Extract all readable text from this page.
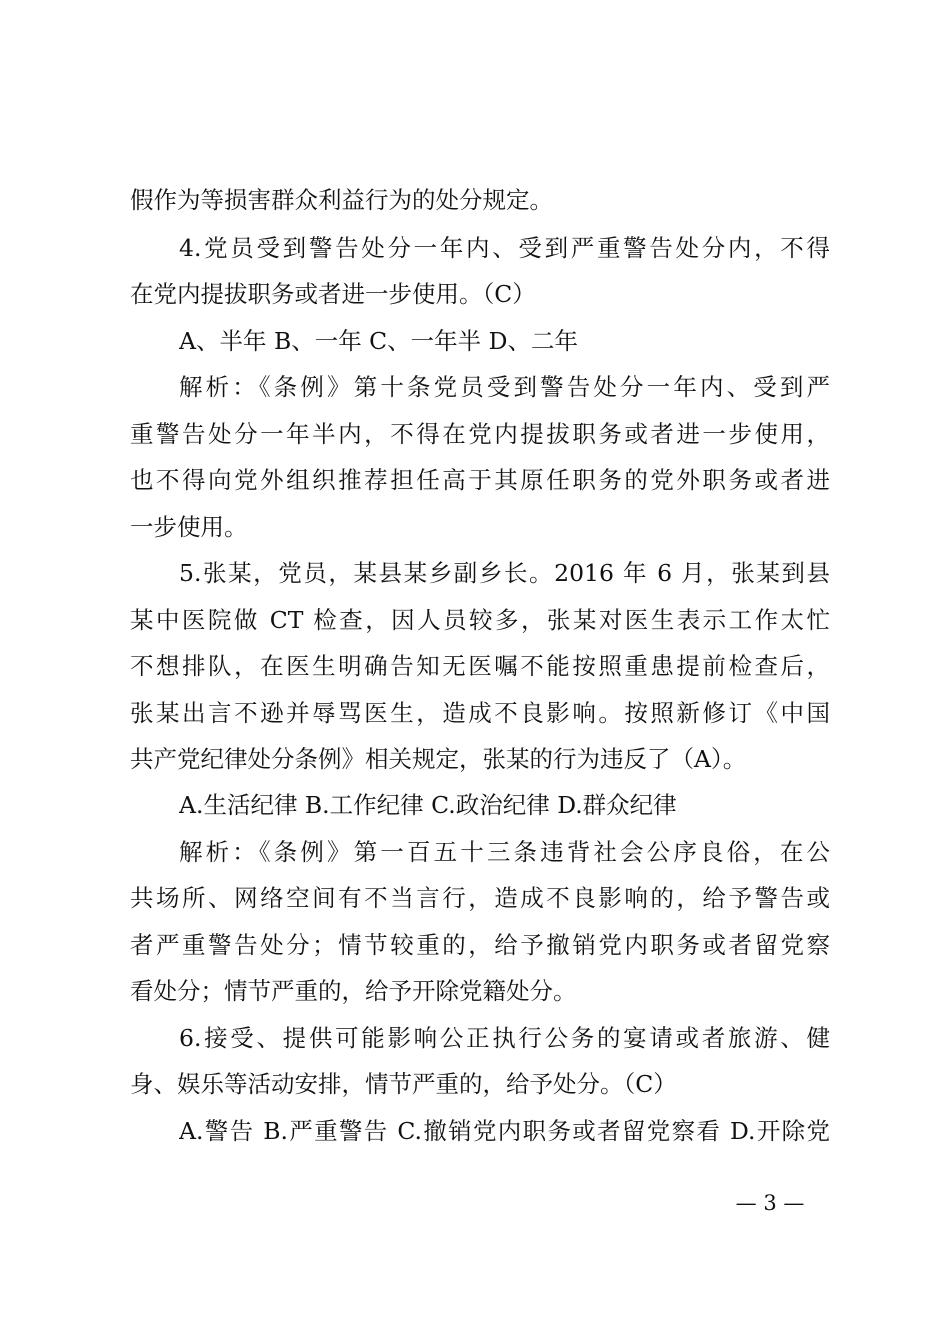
假作为等损害群众利益行为的处分规定。
4.党员受到警告处分一年内、受到严重警告处分内，不得
在党内提拔职务或者进一步使用。（C）
A、半年 B、一年 C、一年半 D、二年
解析：《条例》第十条党员受到警告处分一年内、受到严
重警告处分一年半内，不得在党内提拔职务或者进一步使用，
也不得向党外组织推荐担任高于其原任职务的党外职务或者进
一步使用。
5.张某，党员，某县某乡副乡长。2016 年 6 月，张某到县
某中医院做 CT 检查，因人员较多，张某对医生表示工作太忙
不想排队，在医生明确告知无医嘱不能按照重患提前检查后，
张某出言不逊并辱骂医生，造成不良影响。按照新修订《中国
共产党纪律处分条例》相关规定，张某的行为违反了（A）。
A.生活纪律 B.工作纪律 C.政治纪律 D.群众纪律
解析：《条例》第一百五十三条违背社会公序良俗，在公
共场所、网络空间有不当言行，造成不良影响的，给予警告或
者严重警告处分；情节较重的，给予撤销党内职务或者留党察
看处分；情节严重的，给予开除党籍处分。
6.接受、提供可能影响公正执行公务的宴请或者旅游、健
身、娱乐等活动安排，情节严重的，给予处分。（C）
A.警告 B.严重警告 C.撤销党内职务或者留党察看 D.开除党
— 3 —
